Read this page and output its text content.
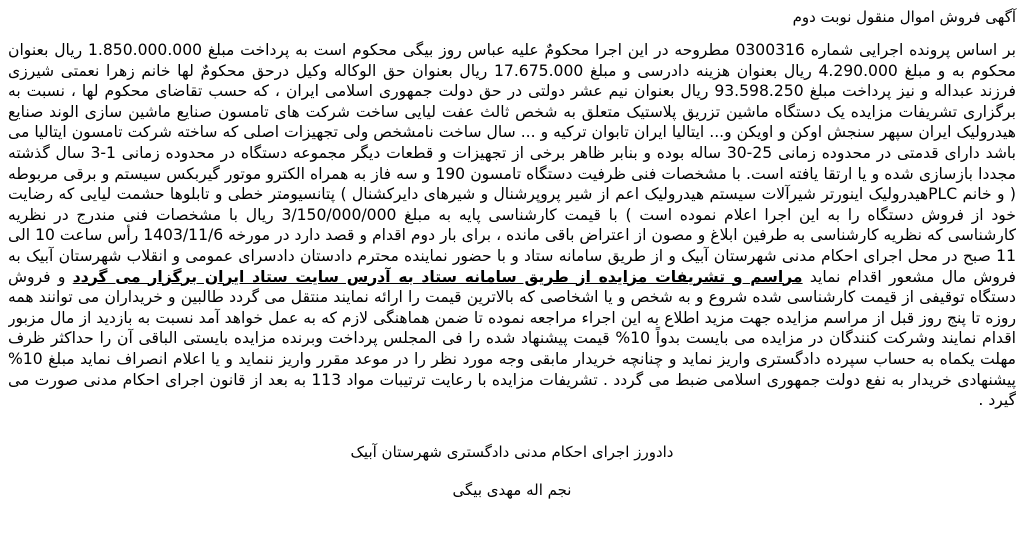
آگهی فروش اموال منقول نوبت دوم
بر اساس پرونده اجرایی شماره 0300316 مطروحه در این اجرا محکومٌ علیه عباس روز بیگی محکوم است به پرداخت مبلغ 1.850.000.000 ریال بعنوان محکوم به و مبلغ 4.290.000 ریال بعنوان هزینه دادرسی و مبلغ 17.675.000 ریال بعنوان حق الوکاله وکیل درحق محکومٌ لها خانم زهرا نعمتی شیرزی فرزند عبداله و نیز پرداخت مبلغ 93.598.250 ریال بعنوان نیم عشر دولتی در حق دولت جمهوری اسلامی ایران ، که حسب تقاضای محکوم لها ، نسبت به برگزاری تشریفات مزایده یک دستگاه ماشین تزریق پلاستیک متعلق به شخص ثالث عفت لیایی ساخت شرکت های تامسون صنایع ماشین سازی الوند صنایع هیدرولیک ایران سپهر سنجش اوکن و اویکن و... ایتالیا ایران تابوان ترکیه و ... سال ساخت نامشخص ولی تجهیزات اصلی که ساخته شرکت تامسون ایتالیا می باشد دارای قدمتی در محدوده زمانی 25-30 ساله بوده و بنابر ظاهر برخی از تجهیزات و قطعات دیگر مجموعه دستگاه در محدوده زمانی 1-3 سال گذشته مجددا بازسازی شده و یا ارتقا یافته است. با مشخصات فنی ظرفیت دستگاه تامسون 190 و سه فاز به همراه الکترو موتور گیربکس سیستم و برقی مربوطه ( و خانم PLCهیدرولیک اینورتر شیرآلات سیستم هیدرولیک اعم از شیر پروپرشنال و شیرهای دایرکشنال ) پتانسیومتر خطی و تابلوها حشمت لیایی که رضایت خود از فروش دستگاه را به این اجرا اعلام نموده است ) با قیمت کارشناسی پایه به مبلغ 3/150/000/000 ریال با مشخصات فنی مندرج در نظریه کارشناسی که نظریه کارشناسی به طرفین ابلاغ و مصون از اعتراض باقی مانده ، برای بار دوم اقدام و قصد دارد در مورخه 1403/11/6 رأس ساعت 10 الی 11 صبح در محل اجرای احکام مدنی شهرستان آبیک و از طریق سامانه ستاد و با حضور نماینده محترم دادستان دادسرای عمومی و انقلاب شهرستان آبیک به فروش مال مشعور اقدام نماید مراسم و تشریفات مزایده از طریق سامانه ستاد به آدرس سایت ستاد ایران برگزار می گردد و فروش دستگاه توقیفی از قیمت کارشناسی شده شروع و به شخص و یا اشخاصی که بالاترین قیمت را ارائه نمایند منتقل می گردد طالبین و خریداران می توانند همه روزه تا پنج روز قبل از مراسم مزایده جهت مزید اطلاع به این اجراء مراجعه نموده تا ضمن هماهنگی لازم که به عمل خواهد آمد نسبت به بازدید از مال مزبور اقدام نمایند وشرکت کنندگان در مزایده می بایست بدواً 10% قیمت پیشنهاد شده را فی المجلس پرداخت وبرنده مزایده بایستی الباقی آن را حداکثر ظرف مهلت یکماه به حساب سپرده دادگستری واریز نماید و چنانچه خریدار مابقی وجه مورد نظر را در موعد مقرر واریز ننماید و یا اعلام انصراف نماید مبلغ 10% پیشنهادی خریدار به نفع دولت جمهوری اسلامی ضبط می گردد . تشریفات مزایده با رعایت ترتیبات مواد 113 به بعد از قانون اجرای احکام مدنی صورت می گیرد .
دادورز اجرای احکام مدنی دادگستری شهرستان آبیک
نجم اله مهدی بیگی
